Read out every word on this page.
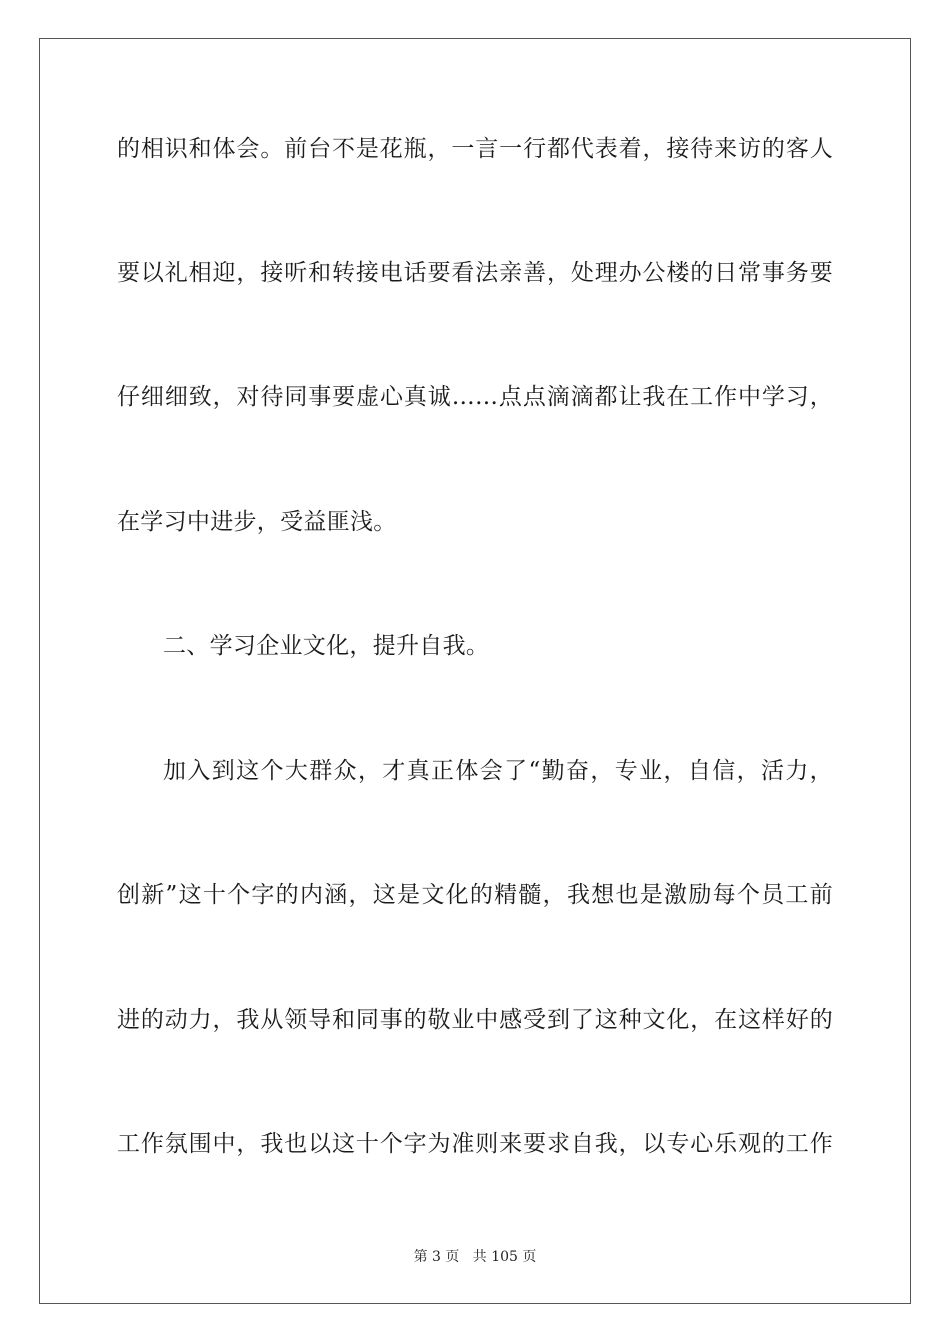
的相识和体会。前台不是花瓶，一言一行都代表着，接待来访的客人
要以礼相迎，接听和转接电话要看法亲善，处理办公楼的日常事务要
仔细细致，对待同事要虚心真诚……点点滴滴都让我在工作中学习，
在学习中进步，受益匪浅。
二、学习企业文化，提升自我。
加入到这个大群众，才真正体会了“勤奋，专业，自信，活力，
创新”这十个字的内涵，这是文化的精髓，我想也是激励每个员工前
进的动力，我从领导和同事的敬业中感受到了这种文化，在这样好的
工作氛围中，我也以这十个字为准则来要求自我，以专心乐观的工作
第 3 页   共 105 页
